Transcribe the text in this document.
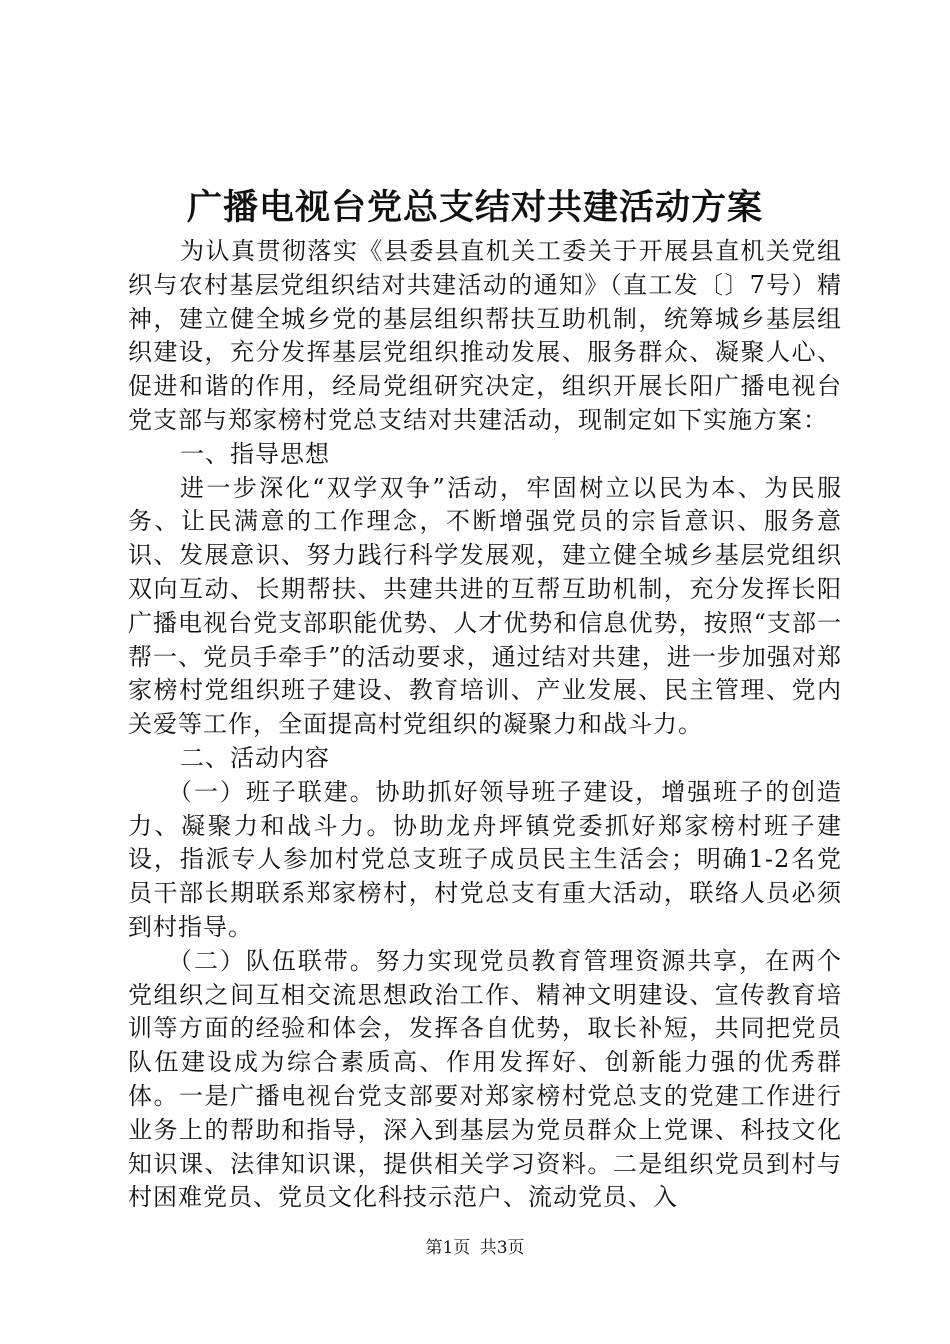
广播电视台党总支结对共建活动方案

为认真贯彻落实《县委县直机关工委关于开展县直机关党组织与农村基层党组织结对共建活动的通知》（直工发〔〕7号）精神，建立健全城乡党的基层组织帮扶互助机制，统筹城乡基层组织建设，充分发挥基层党组织推动发展、服务群众、凝聚人心、促进和谐的作用，经局党组研究决定，组织开展长阳广播电视台党支部与郑家榜村党总支结对共建活动，现制定如下实施方案：

一、指导思想

进一步深化“双学双争”活动，牢固树立以民为本、为民服务、让民满意的工作理念，不断增强党员的宗旨意识、服务意识、发展意识、努力践行科学发展观，建立健全城乡基层党组织双向互动、长期帮扶、共建共进的互帮互助机制，充分发挥长阳广播电视台党支部职能优势、人才优势和信息优势，按照“支部一帮一、党员手牵手”的活动要求，通过结对共建，进一步加强对郑家榜村党组织班子建设、教育培训、产业发展、民主管理、党内关爱等工作，全面提高村党组织的凝聚力和战斗力。

二、活动内容

（一）班子联建。协助抓好领导班子建设，增强班子的创造力、凝聚力和战斗力。协助龙舟坪镇党委抓好郑家榜村班子建设，指派专人参加村党总支班子成员民主生活会；明确1-2名党员干部长期联系郑家榜村，村党总支有重大活动，联络人员必须到村指导。

（二）队伍联带。努力实现党员教育管理资源共享，在两个党组织之间互相交流思想政治工作、精神文明建设、宣传教育培训等方面的经验和体会，发挥各自优势，取长补短，共同把党员队伍建设成为综合素质高、作用发挥好、创新能力强的优秀群体。一是广播电视台党支部要对郑家榜村党总支的党建工作进行业务上的帮助和指导，深入到基层为党员群众上党课、科技文化知识课、法律知识课，提供相关学习资料。二是组织党员到村与村困难党员、党员文化科技示范户、流动党员、入

第1页 共3页
